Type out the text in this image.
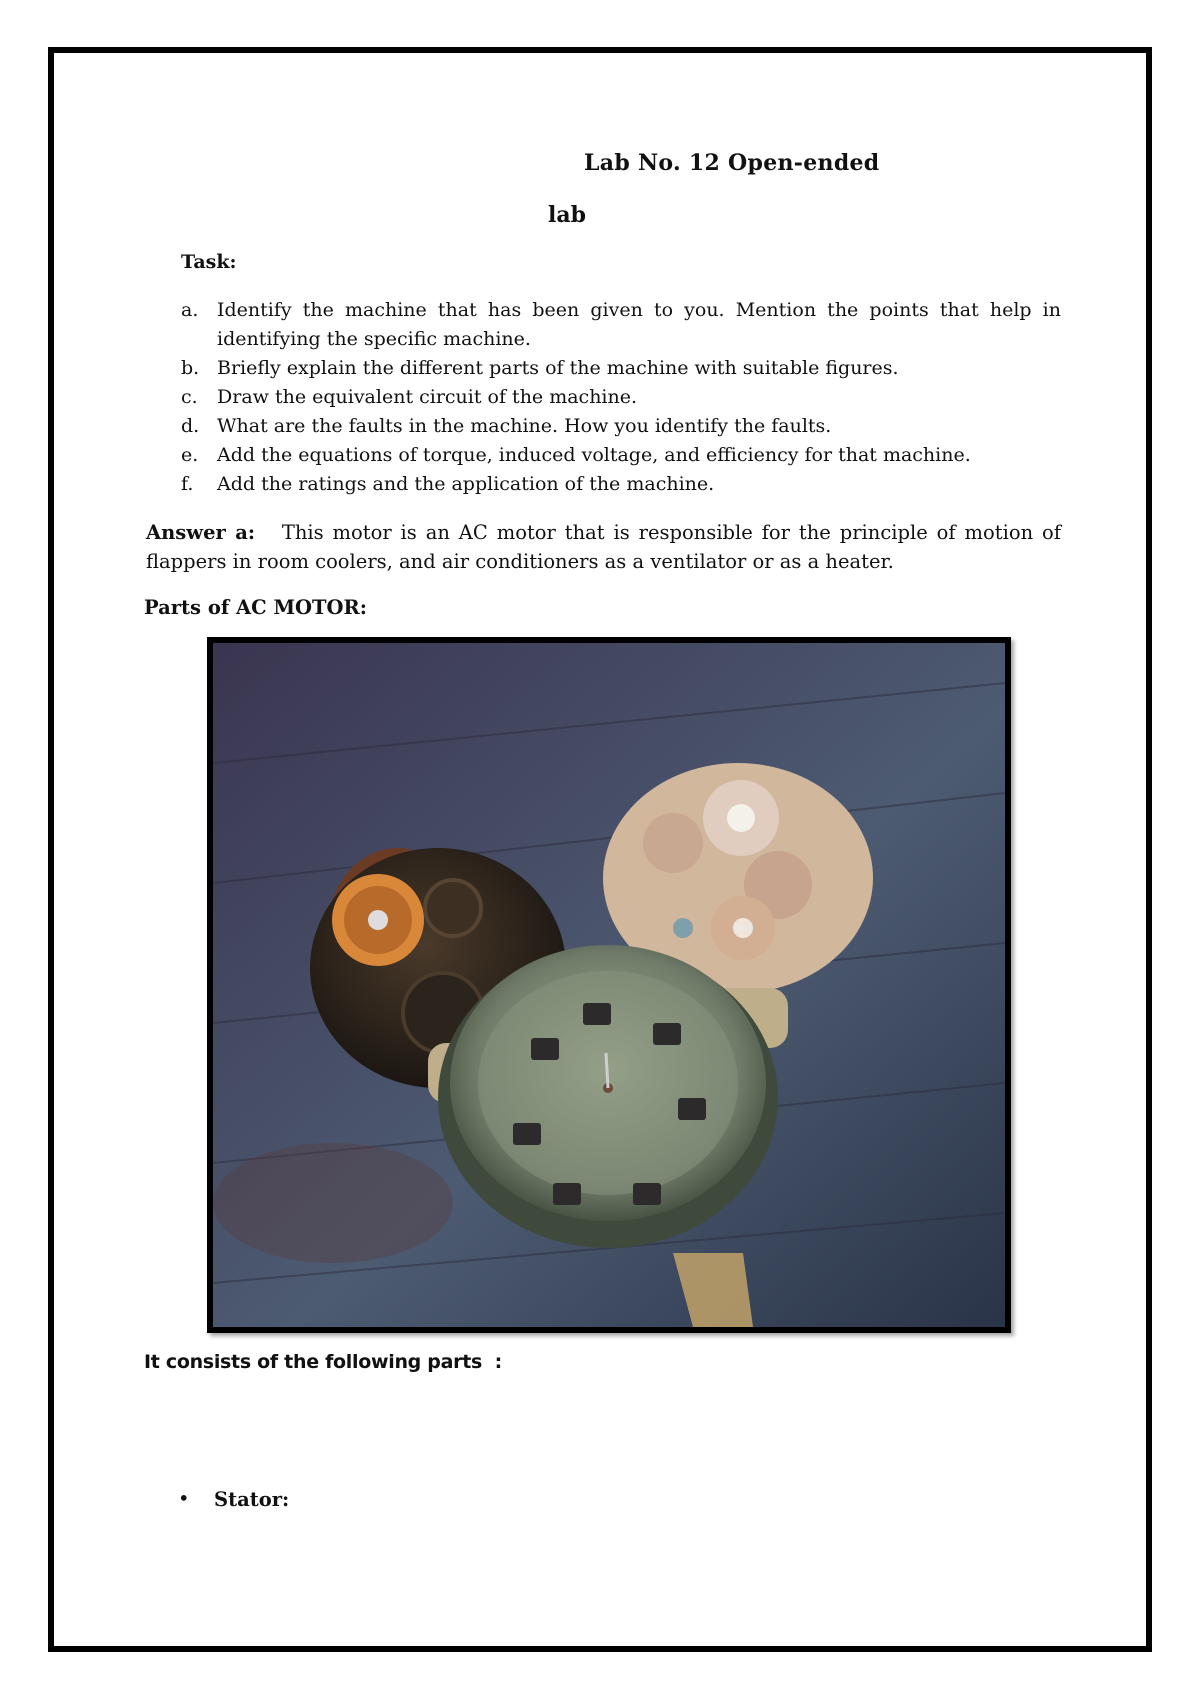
Lab No. 12 Open-ended
lab
Task:
a. Identify the machine that has been given to you. Mention the points that help in identifying the specific machine.
b. Briefly explain the different parts of the machine with suitable figures.
c. Draw the equivalent circuit of the machine.
d. What are the faults in the machine. How you identify the faults.
e. Add the equations of torque, induced voltage, and efficiency for that machine.
f. Add the ratings and the application of the machine.
Answer a: This motor is an AC motor that is responsible for the principle of motion of flappers in room coolers, and air conditioners as a ventilator or as a heater.
Parts of AC MOTOR:
It consists of the following parts  :
• Stator:
